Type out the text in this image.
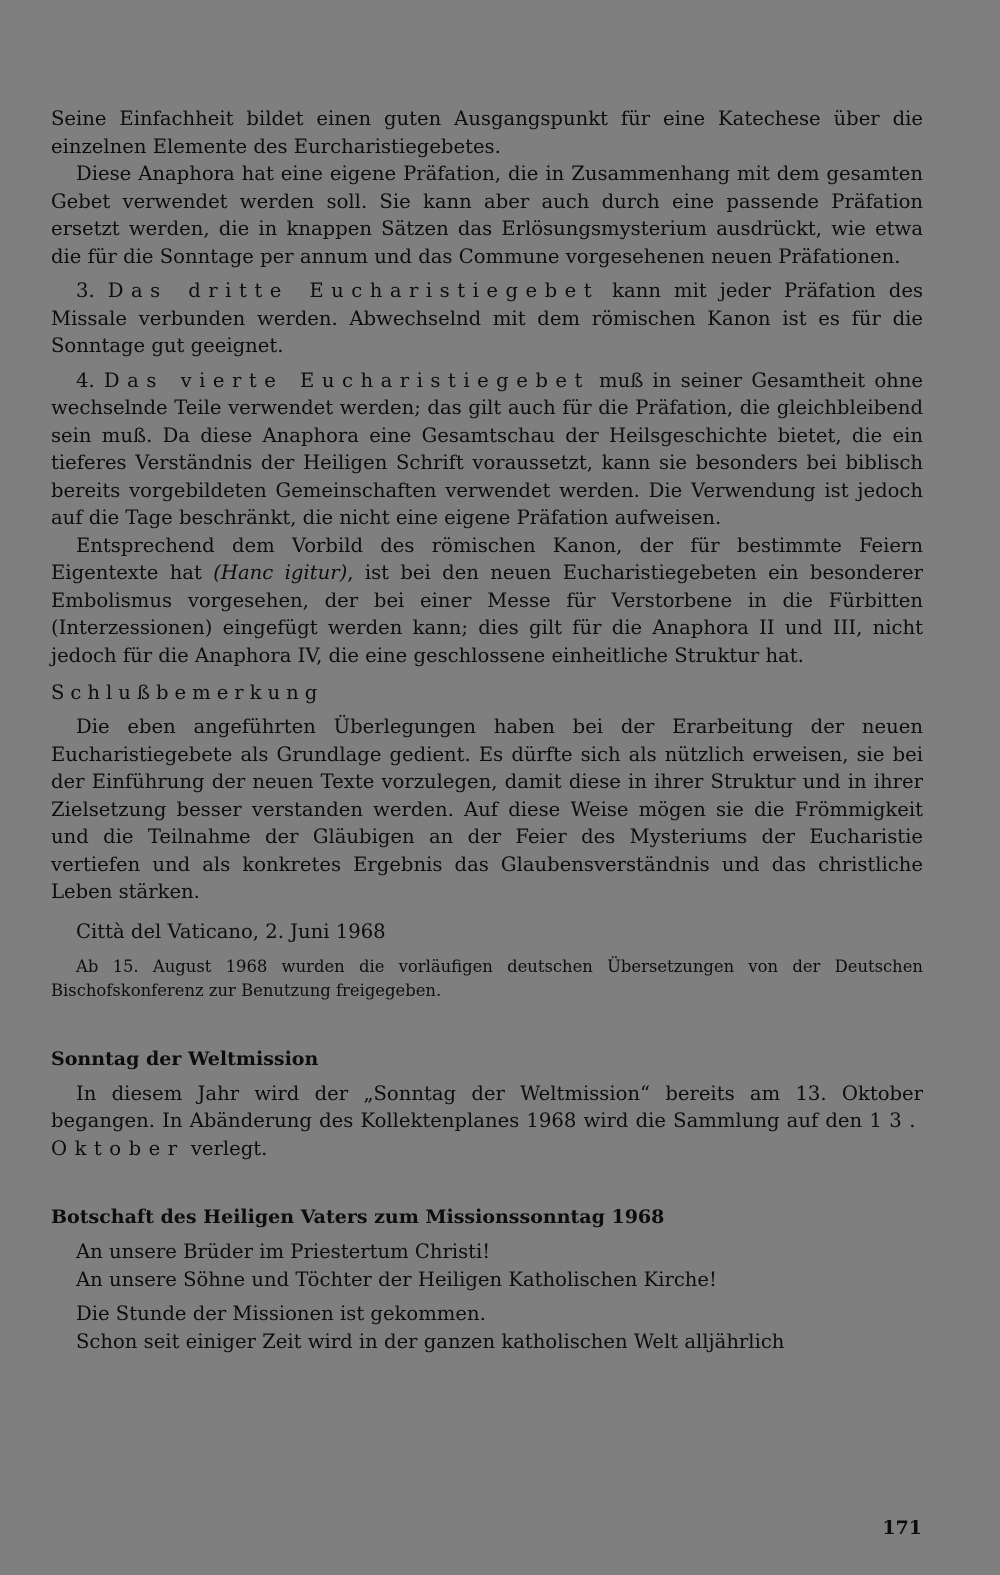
Seine Einfachheit bildet einen guten Ausgangspunkt für eine Katechese über die einzelnen Elemente des Eurcharistiegebetes.

Diese Anaphora hat eine eigene Präfation, die in Zusammenhang mit dem gesamten Gebet verwendet werden soll. Sie kann aber auch durch eine passende Präfation ersetzt werden, die in knappen Sätzen das Erlösungsmysterium ausdrückt, wie etwa die für die Sonntage per annum und das Commune vorgesehenen neuen Präfationen.

3. Das dritte Eucharistiegebet kann mit jeder Präfation des Missale verbunden werden. Abwechselnd mit dem römischen Kanon ist es für die Sonntage gut geeignet.

4. Das vierte Eucharistiegebet muß in seiner Gesamtheit ohne wechselnde Teile verwendet werden; das gilt auch für die Präfation, die gleichbleibend sein muß. Da diese Anaphora eine Gesamtschau der Heilsgeschichte bietet, die ein tieferes Verständnis der Heiligen Schrift voraussetzt, kann sie besonders bei biblisch bereits vorgebildeten Gemeinschaften verwendet werden. Die Verwendung ist jedoch auf die Tage beschränkt, die nicht eine eigene Präfation aufweisen.

Entsprechend dem Vorbild des römischen Kanon, der für bestimmte Feiern Eigentexte hat (Hanc igitur), ist bei den neuen Eucharistiegebeten ein besonderer Embolismus vorgesehen, der bei einer Messe für Verstorbene in die Fürbitten (Interzessionen) eingefügt werden kann; dies gilt für die Anaphora II und III, nicht jedoch für die Anaphora IV, die eine geschlossene einheitliche Struktur hat.

Schlußbemerkung

Die eben angeführten Überlegungen haben bei der Erarbeitung der neuen Eucharistiegebete als Grundlage gedient. Es dürfte sich als nützlich erweisen, sie bei der Einführung der neuen Texte vorzulegen, damit diese in ihrer Struktur und in ihrer Zielsetzung besser verstanden werden. Auf diese Weise mögen sie die Frömmigkeit und die Teilnahme der Gläubigen an der Feier des Mysteriums der Eucharistie vertiefen und als konkretes Ergebnis das Glaubensverständnis und das christliche Leben stärken.

Città del Vaticano, 2. Juni 1968

Ab 15. August 1968 wurden die vorläufigen deutschen Übersetzungen von der Deutschen Bischofskonferenz zur Benutzung freigegeben.

Sonntag der Weltmission

In diesem Jahr wird der „Sonntag der Weltmission“ bereits am 13. Oktober begangen. In Abänderung des Kollektenplanes 1968 wird die Sammlung auf den 13. Oktober verlegt.

Botschaft des Heiligen Vaters zum Missionssonntag 1968

An unsere Brüder im Priestertum Christi!

An unsere Söhne und Töchter der Heiligen Katholischen Kirche!

Die Stunde der Missionen ist gekommen.

Schon seit einiger Zeit wird in der ganzen katholischen Welt alljährlich

171
